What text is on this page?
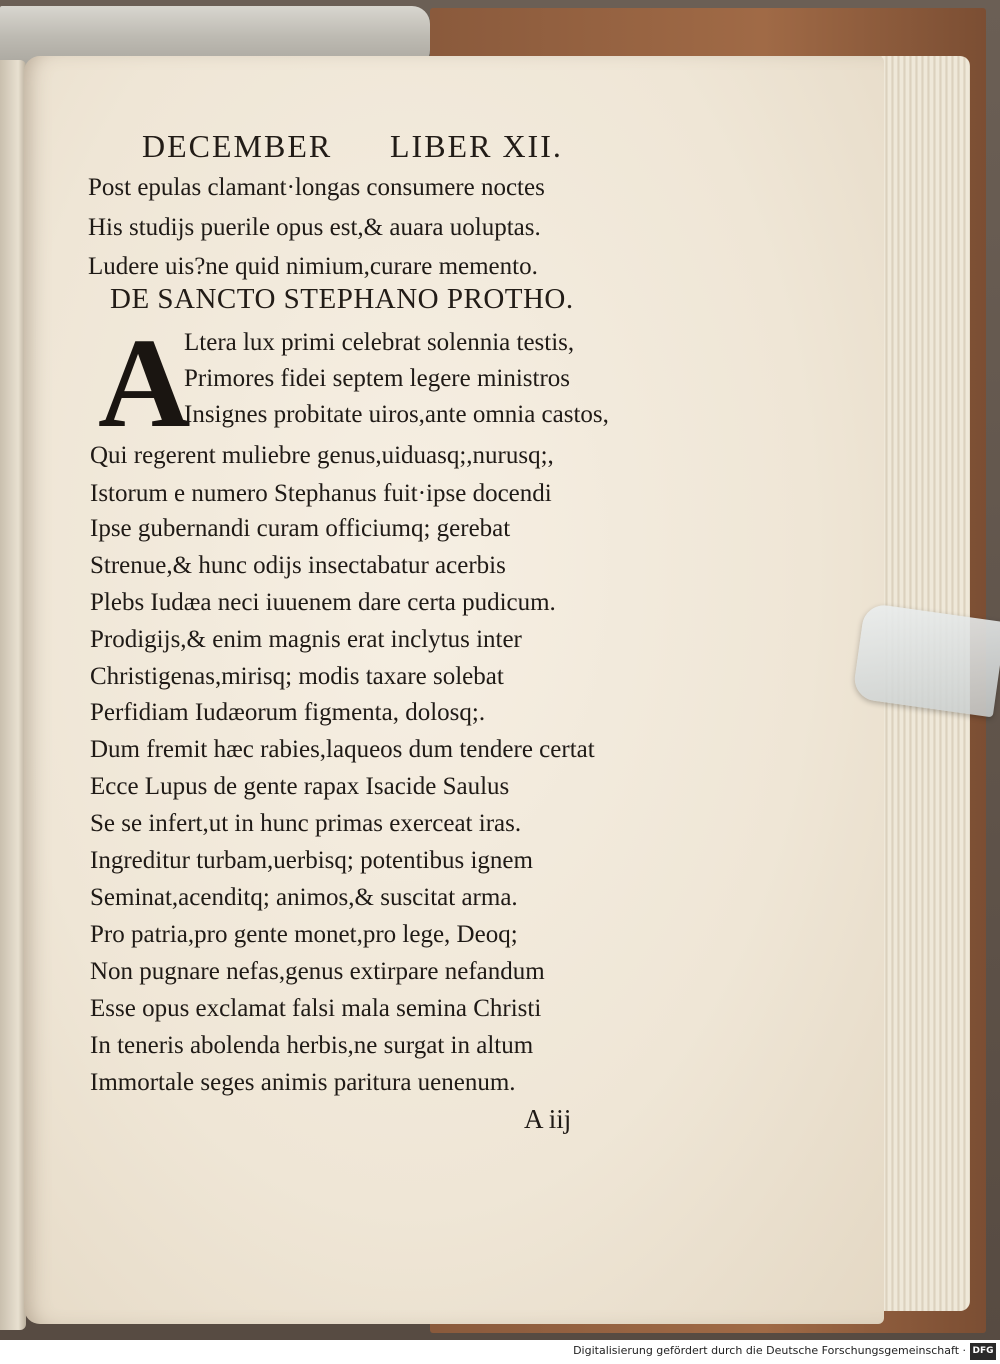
DECEMBER LIBER XII.
Post epulas clamant·longas consumere noctes
His studijs puerile opus est,& auara uoluptas.
Ludere uis?ne quid nimium,curare memento.
DE SANCTO STEPHANO PROTHO.
A
Ltera lux primi celebrat solennia testis,
Primores fidei septem legere ministros
Insignes probitate uiros,ante omnia castos,
Qui regerent muliebre genus,uiduasq;,nurusq;,
Istorum e numero Stephanus fuit·ipse docendi
Ipse gubernandi curam officiumq; gerebat
Strenue,& hunc odijs insectabatur acerbis
Plebs Iudæa neci iuuenem dare certa pudicum.
Prodigijs,& enim magnis erat inclytus inter
Christigenas,mirisq; modis taxare solebat
Perfidiam Iudæorum figmenta, dolosq;.
Dum fremit hæc rabies,laqueos dum tendere certat
Ecce Lupus de gente rapax Isacide Saulus
Se se infert,ut in hunc primas exerceat iras.
Ingreditur turbam,uerbisq; potentibus ignem
Seminat,acenditq; animos,& suscitat arma.
Pro patria,pro gente monet,pro lege, Deoq;
Non pugnare nefas,genus extirpare nefandum
Esse opus exclamat falsi mala semina Christi
In teneris abolenda herbis,ne surgat in altum
Immortale seges animis paritura uenenum.
A iij
Digitalisierung gefördert durch die Deutsche Forschungsgemeinschaft · DFG
